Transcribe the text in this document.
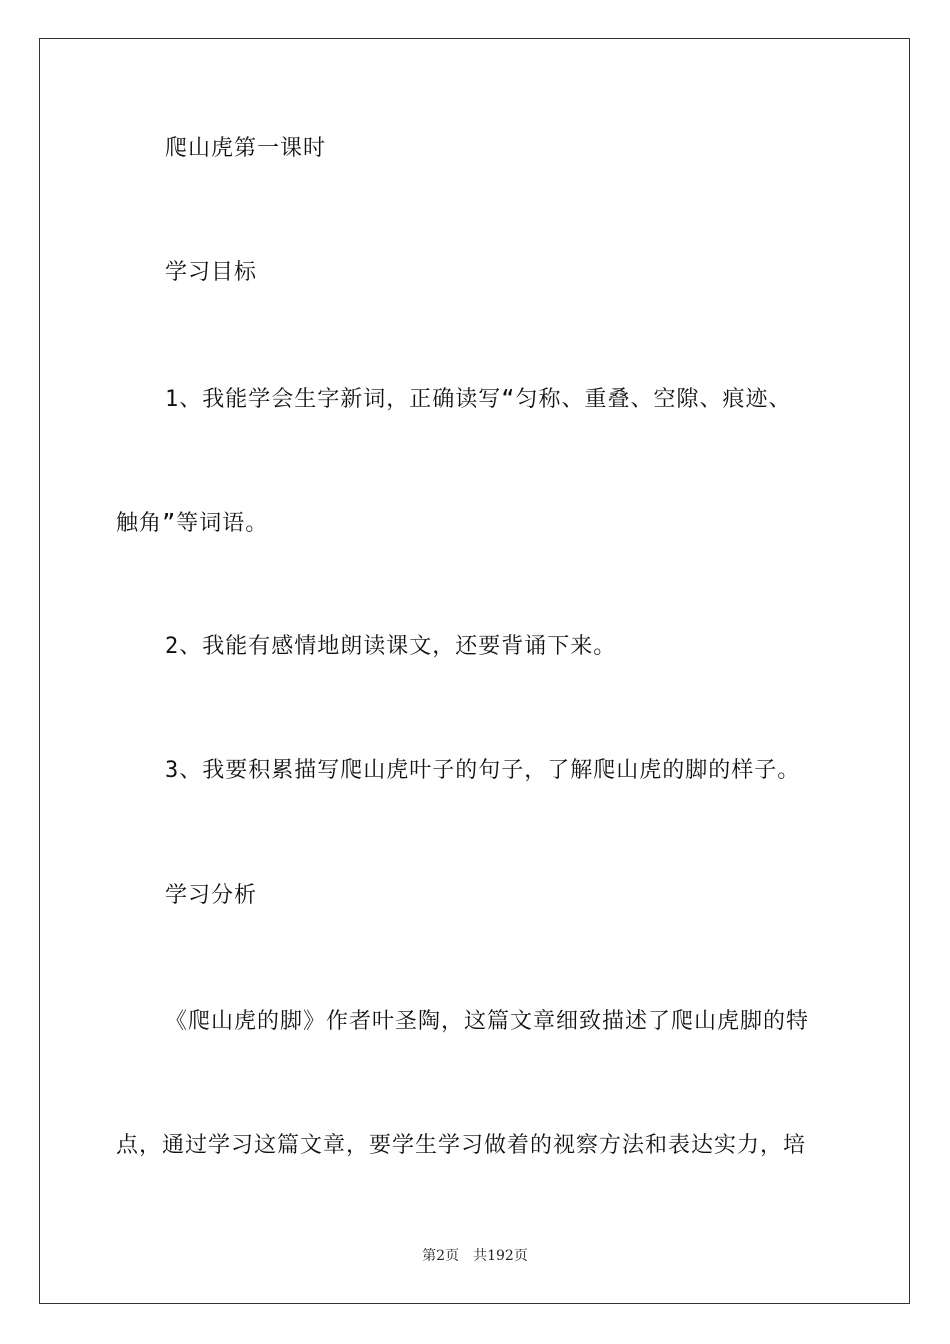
爬山虎第一课时
学习目标
1、我能学会生字新词，正确读写“匀称、重叠、空隙、痕迹、
触角”等词语。
2、我能有感情地朗读课文，还要背诵下来。
3、我要积累描写爬山虎叶子的句子，了解爬山虎的脚的样子。
学习分析
《爬山虎的脚》作者叶圣陶，这篇文章细致描述了爬山虎脚的特
点，通过学习这篇文章，要学生学习做着的视察方法和表达实力，培
第2页 共192页
